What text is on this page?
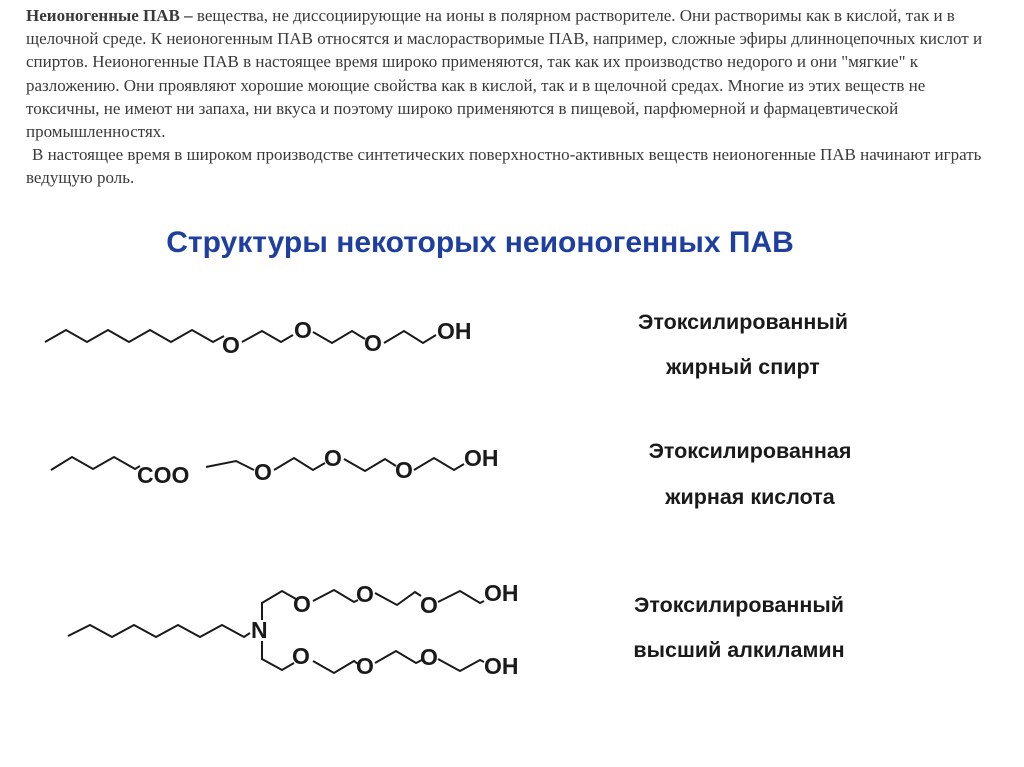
Неионогенные ПАВ – вещества, не диссоциирующие на ионы в полярном растворителе. Они растворимы как в кислой, так и в щелочной среде. К неионогенным ПАВ относятся и маслорастворимые ПАВ, например, сложные эфиры длинноцепочных кислот и спиртов. Неионогенные ПАВ в настоящее время широко применяются, так как их производство недорого и они "мягкие" к разложению. Они проявляют хорошие моющие свойства как в кислой, так и в щелочной средах. Многие из этих веществ не токсичны, не имеют ни запаха, ни вкуса и поэтому широко применяются в пищевой, парфюмерной и фармацевтической промышленностях.

В настоящее время в широком производстве синтетических поверхностно-активных веществ неионогенные ПАВ начинают играть ведущую роль.

Структуры некоторых неионогенных ПАВ
O
O O OH
COO	O
O O OH
N
O O O OH
O O O OH
Этоксилированный
жирный спирт
Этоксилированная
жирная кислота
Этоксилированный
высший алкиламин
